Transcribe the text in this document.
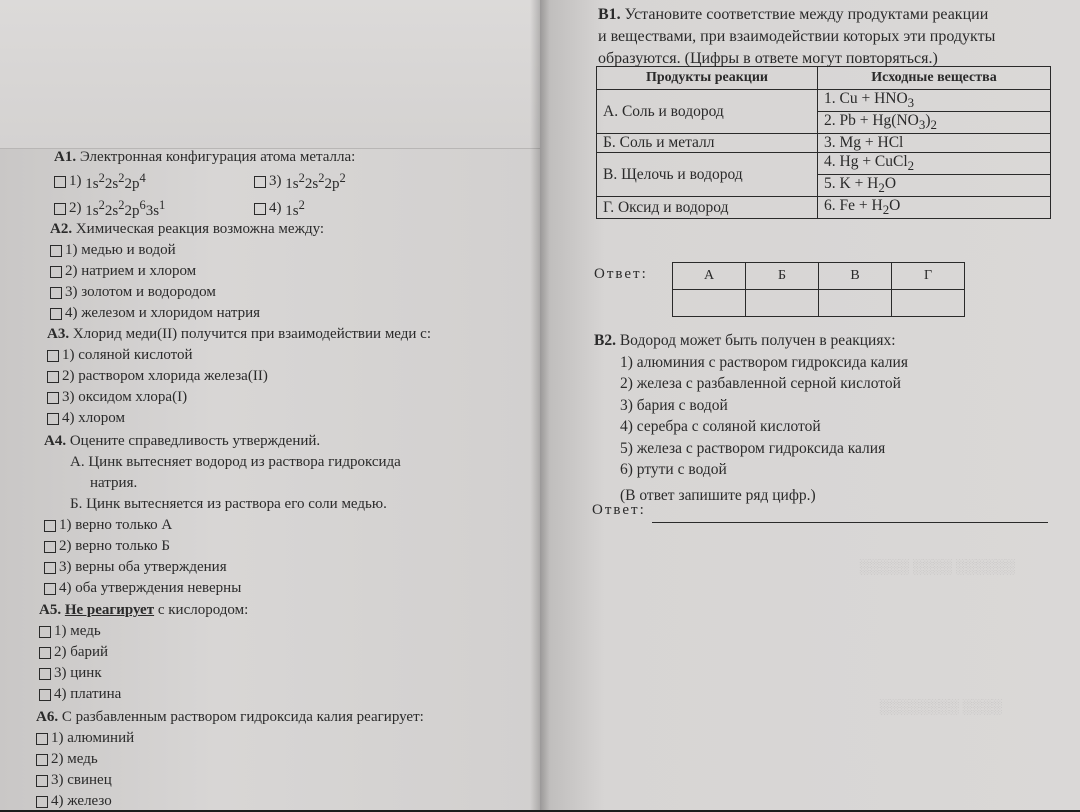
А1. Электронная конфигурация атома металла:
1)
$1s^22s^22p^4$	3)
$1s^22s^22p^2$
2)
$1s^22s^22p^63s^1$	4)
$1s^2$
А2. Химическая реакция возможна между:
1) медью и водой
2) натрием и хлором
3) золотом и водородом
4) железом и хлоридом натрия
А3. Хлорид меди(II) получится при взаимодействии меди с:
1) соляной кислотой
2) раствором хлорида железа(II)
3) оксидом хлора(I)
4) хлором
А4. Оцените справедливость утверждений.
А. Цинк вытесняет водород из раствора гидроксида
натрия.
Б. Цинк вытесняется из раствора его соли медью.
1) верно только А
2) верно только Б
3) верны оба утверждения
4) оба утверждения неверны
А5. Не реагирует с кислородом:
1) медь
2) барий
3) цинк
4) платина
А6. С разбавленным раствором гидроксида калия реагирует:
1) алюминий
2) медь
3) свинец
4) железо
В1. Установите соответствие между продуктами реакции
и веществами, при взаимодействии которых эти продукты
образуются. (Цифры в ответе могут повторяться.)
Продукты реакции	Исходные вещества
А. Соль и водород	1. $Cu + HNO_3$
	2. $Pb + Hg(NO_3)_2$
Б. Соль и металл	3. Mg + HCl
В. Щелочь и водород	4. Hg + CuCl$_2$
	5. $K + H_2O$
Г. Оксид и водород	6. $Fe + H_2O$
Ответ:	А	Б	В	Г

В2. Водород может быть получен в реакциях:
1) алюминия с раствором гидроксида калия
2) железа с разбавленной серной кислотой
3) бария с водой
4) серебра с соляной кислотой
5) железа с раствором гидроксида калия
6) ртути с водой
(В ответ запишите ряд цифр.)
Ответ:
░░░░░░ ░░░░ ░░░░░
░░░░ ░░░░░░░░
